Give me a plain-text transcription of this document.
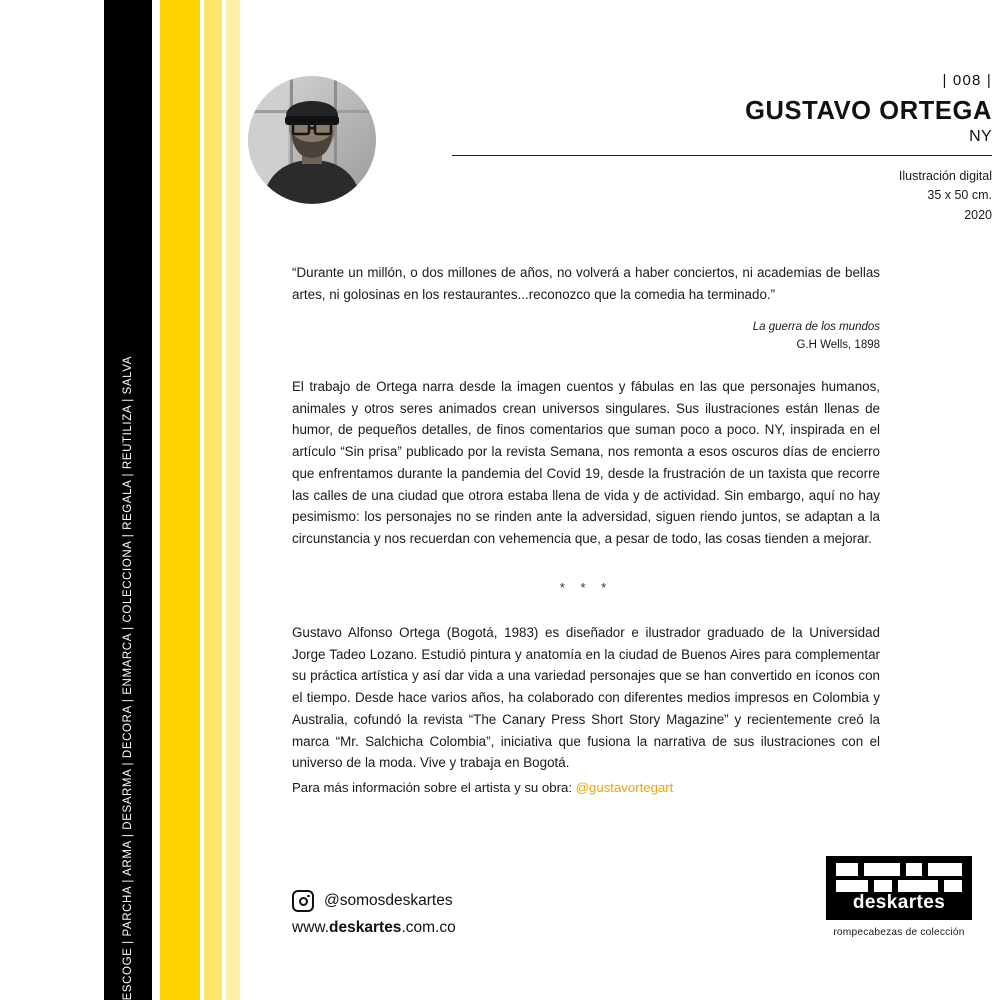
ESCOGE | PARCHA | ARMA | DESARMA | DECORA | ENMARCA | COLECCIONA | REGALA | REUTILIZA | SALVA
| 008 |
GUSTAVO ORTEGA
NY
Ilustración digital
35 x 50 cm.
2020
“Durante un millón, o dos millones de años, no volverá a haber conciertos, ni academias de bellas artes, ni golosinas en los restaurantes...reconozco que la comedia ha terminado.”
La guerra de los mundos
G.H Wells, 1898
El trabajo de Ortega narra desde la imagen cuentos y fábulas en las que personajes humanos, animales y otros seres animados crean universos singulares. Sus ilustraciones están llenas de humor, de pequeños detalles, de finos comentarios que suman poco a poco. NY, inspirada en el artículo “Sin prisa” publicado por la revista Semana, nos remonta a esos oscuros días de encierro que enfrentamos durante la pandemia del Covid 19, desde la frustración de un taxista que recorre las calles de una ciudad que otrora estaba llena de vida y de actividad. Sin embargo, aquí no hay pesimismo: los personajes no se rinden ante la adversidad, siguen riendo juntos, se adaptan a la circunstancia y nos recuerdan con vehemencia que, a pesar de todo, las cosas tienden a mejorar.
* * *
Gustavo Alfonso Ortega (Bogotá, 1983) es diseñador e ilustrador graduado de la Universidad Jorge Tadeo Lozano. Estudió pintura y anatomía en la ciudad de Buenos Aires para complementar su práctica artística y así dar vida a una variedad personajes que se han convertido en íconos con el tiempo. Desde hace varios años, ha colaborado con diferentes medios impresos en Colombia y Australia, cofundó la revista “The Canary Press Short Story Magazine” y recientemente creó la marca “Mr. Salchicha Colombia”, iniciativa que fusiona la narrativa de sus ilustraciones con el universo de la moda. Vive y trabaja en Bogotá.
Para más información sobre el artista y su obra: @gustavortegart
@somosdeskartes
www.deskartes.com.co
deskartes
rompecabezas de colección
